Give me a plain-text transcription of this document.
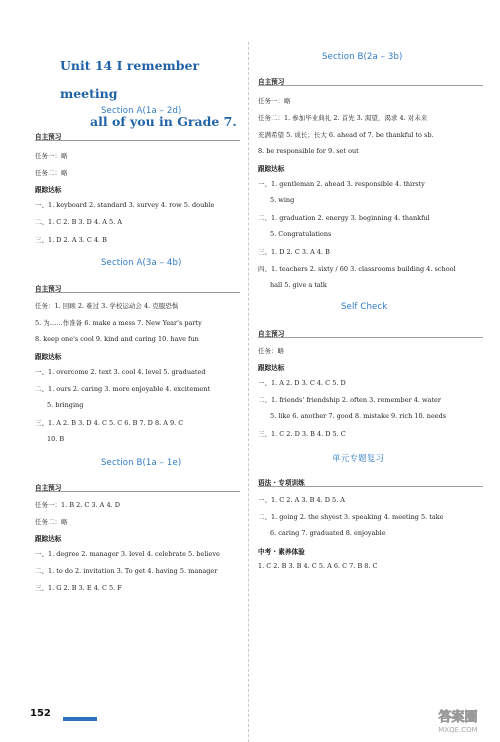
Unit 14 I remember meeting
all of you in Grade 7.
Section A(1a – 2d)
自主预习
任务一：略
任务二：略
跟踪达标
一、1. keyboard 2. standard 3. survey 4. row 5. double
二、1. C 2. B 3. D 4. A 5. A
三、1. D 2. A 3. C 4. B
Section A(3a – 4b)
自主预习
任务：1. 回顾 2. 难过 3. 学校运动会 4. 克服恐惧
5. 为……作准备 6. make a mess 7. New Year's party
8. keep one's cool 9. kind and caring 10. have fun
跟踪达标
一、1. overcome 2. text 3. cool 4. level 5. graduated
二、1. ours 2. caring 3. more enjoyable 4. excitement
5. bringing
三、1. A 2. B 3. D 4. C 5. C 6. B 7. D 8. A 9. C
10. B
Section B(1a – 1e)
自主预习
任务一：1. B 2. C 3. A 4. D
任务二：略
跟踪达标
一、1. degree 2. manager 3. level 4. celebrate 5. believe
二、1. to do 2. invitation 3. To get 4. having 5. manager
三、1. G 2. B 3. E 4. C 5. F
Section B(2a – 3b)
自主预习
任务一：略
任务二：1. 参加毕业典礼 2. 首先 3. 渴望，渴求 4. 对未来
充满希望 5. 成长；长大 6. ahead of 7. be thankful to sb.
8. be responsible for 9. set out
跟踪达标
一、1. gentleman 2. ahead 3. responsible 4. thirsty
5. wing
二、1. graduation 2. energy 3. beginning 4. thankful
5. Congratulations
三、1. D 2. C 3. A 4. B
四、1. teachers 2. sixty / 60 3. classrooms building 4. school
hall 5. give a talk
Self Check
自主预习
任务：略
跟踪达标
一、1. A 2. D 3. C 4. C 5. D
二、1. friends' friendship 2. often 3. remember 4. water
5. like 6. another 7. good 8. mistake 9. rich 10. needs
三、1. C 2. D 3. B 4. D 5. C
单元专题复习
语法 · 专项训练
一、1. C 2. A 3. B 4. D 5. A
二、1. going 2. the shyest 3. speaking 4. meeting 5. take
6. caring 7. graduated 8. enjoyable
中考 · 素养体验
1. C 2. B 3. B 4. C 5. A 6. C 7. B 8. C
152	答案圈
MXQE.COM
